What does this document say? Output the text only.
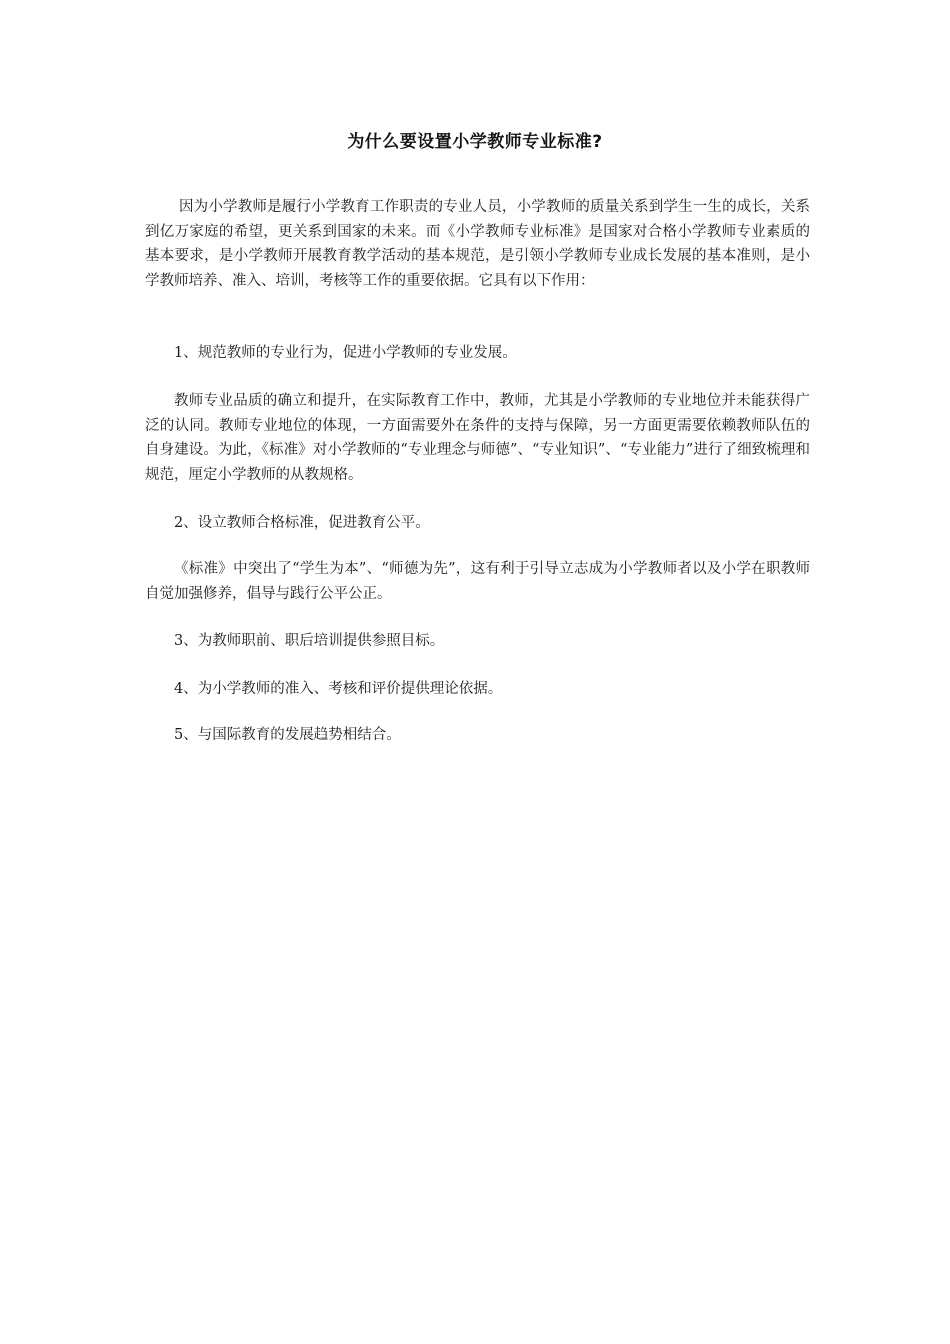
为什么要设置小学教师专业标准?

因为小学教师是履行小学教育工作职责的专业人员，小学教师的质量关系到学生一生的成长，关系到亿万家庭的希望，更关系到国家的未来。而《小学教师专业标准》是国家对合格小学教师专业素质的基本要求，是小学教师开展教育教学活动的基本规范，是引领小学教师专业成长发展的基本准则，是小学教师培养、准入、培训，考核等工作的重要依据。它具有以下作用：

1、规范教师的专业行为，促进小学教师的专业发展。

教师专业品质的确立和提升，在实际教育工作中，教师，尤其是小学教师的专业地位并未能获得广泛的认同。教师专业地位的体现，一方面需要外在条件的支持与保障，另一方面更需要依赖教师队伍的自身建设。为此，《标准》对小学教师的“专业理念与师德”、“专业知识”、“专业能力”进行了细致梳理和规范，厘定小学教师的从教规格。

2、设立教师合格标准，促进教育公平。

《标准》中突出了“学生为本”、“师德为先”，这有利于引导立志成为小学教师者以及小学在职教师自觉加强修养，倡导与践行公平公正。

3、为教师职前、职后培训提供参照目标。

4、为小学教师的准入、考核和评价提供理论依据。

5、与国际教育的发展趋势相结合。
